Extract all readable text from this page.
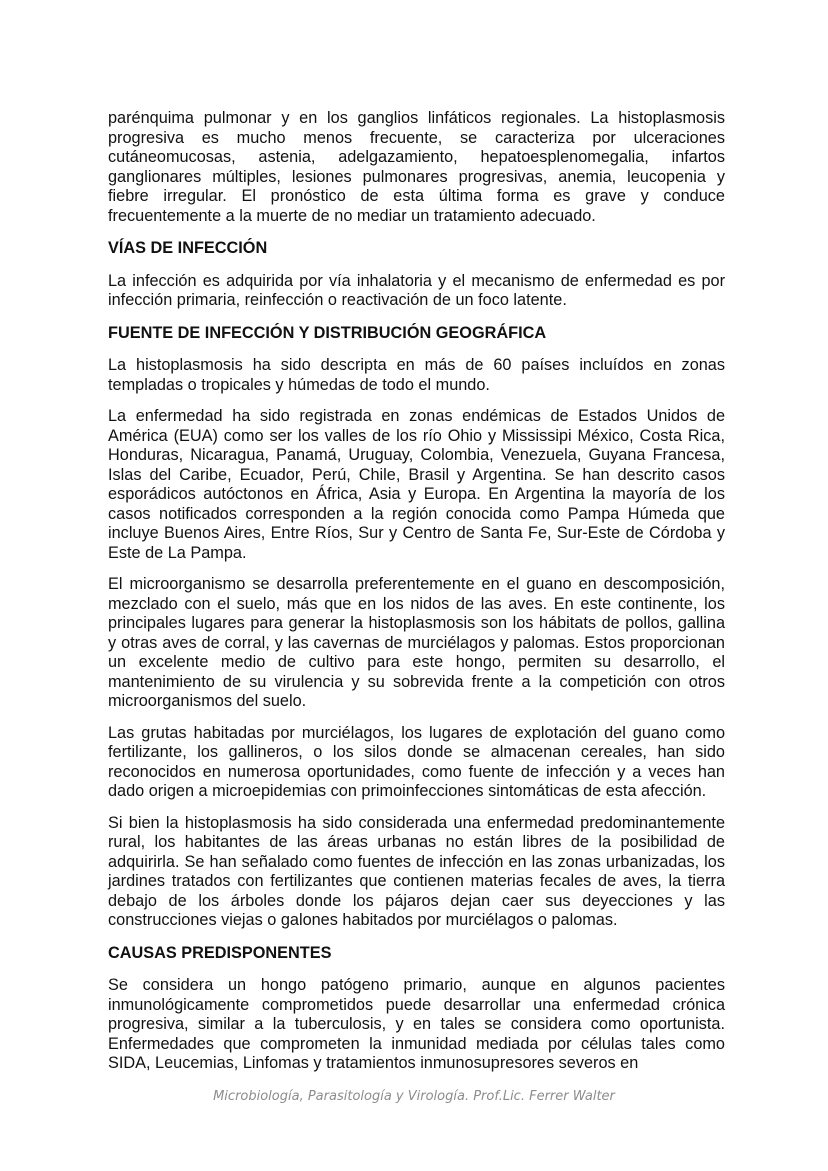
parénquima pulmonar y en los ganglios linfáticos regionales. La histoplasmosis progresiva es mucho menos frecuente, se caracteriza por ulceraciones cutáneomucosas, astenia, adelgazamiento, hepatoesplenomegalia, infartos ganglionares múltiples, lesiones pulmonares progresivas, anemia, leucopenia y fiebre irregular. El pronóstico de esta última forma es grave y conduce frecuentemente a la muerte de no mediar un tratamiento adecuado.

VÍAS DE INFECCIÓN

La infección es adquirida por vía inhalatoria y el mecanismo de enfermedad es por infección primaria, reinfección o reactivación de un foco latente.

FUENTE DE INFECCIÓN Y DISTRIBUCIÓN GEOGRÁFICA

La histoplasmosis ha sido descripta en más de 60 países incluídos en zonas templadas o tropicales y húmedas de todo el mundo.

La enfermedad ha sido registrada en zonas endémicas de Estados Unidos de América (EUA) como ser los valles de los río Ohio y Mississipi México, Costa Rica, Honduras, Nicaragua, Panamá, Uruguay, Colombia, Venezuela, Guyana Francesa, Islas del Caribe, Ecuador, Perú, Chile, Brasil y Argentina. Se han descrito casos esporádicos autóctonos en África, Asia y Europa. En Argentina la mayoría de los casos notificados corresponden a la región conocida como Pampa Húmeda que incluye Buenos Aires, Entre Ríos, Sur y Centro de Santa Fe, Sur-Este de Córdoba y Este de La Pampa.

El microorganismo se desarrolla preferentemente en el guano en descomposición, mezclado con el suelo, más que en los nidos de las aves. En este continente, los principales lugares para generar la histoplasmosis son los hábitats de pollos, gallina y otras aves de corral, y las cavernas de murciélagos y palomas. Estos proporcionan un excelente medio de cultivo para este hongo, permiten su desarrollo, el mantenimiento de su virulencia y su sobrevida frente a la competición con otros microorganismos del suelo.

Las grutas habitadas por murciélagos, los lugares de explotación del guano como fertilizante, los gallineros, o los silos donde se almacenan cereales, han sido reconocidos en numerosa oportunidades, como fuente de infección y a veces han dado origen a microepidemias con primoinfecciones sintomáticas de esta afección.

Si bien la histoplasmosis ha sido considerada una enfermedad predominantemente rural, los habitantes de las áreas urbanas no están libres de la posibilidad de adquirirla. Se han señalado como fuentes de infección en las zonas urbanizadas, los jardines tratados con fertilizantes que contienen materias fecales de aves, la tierra debajo de los árboles donde los pájaros dejan caer sus deyecciones y las construcciones viejas o galones habitados por murciélagos o palomas.

CAUSAS PREDISPONENTES

Se considera un hongo patógeno primario, aunque en algunos pacientes inmunológicamente comprometidos puede desarrollar una enfermedad crónica progresiva, similar a la tuberculosis, y en tales se considera como oportunista. Enfermedades que comprometen la inmunidad mediada por células tales como SIDA, Leucemias, Linfomas y tratamientos inmunosupresores severos en

Microbiología, Parasitología y Virología. Prof.Lic. Ferrer Walter
